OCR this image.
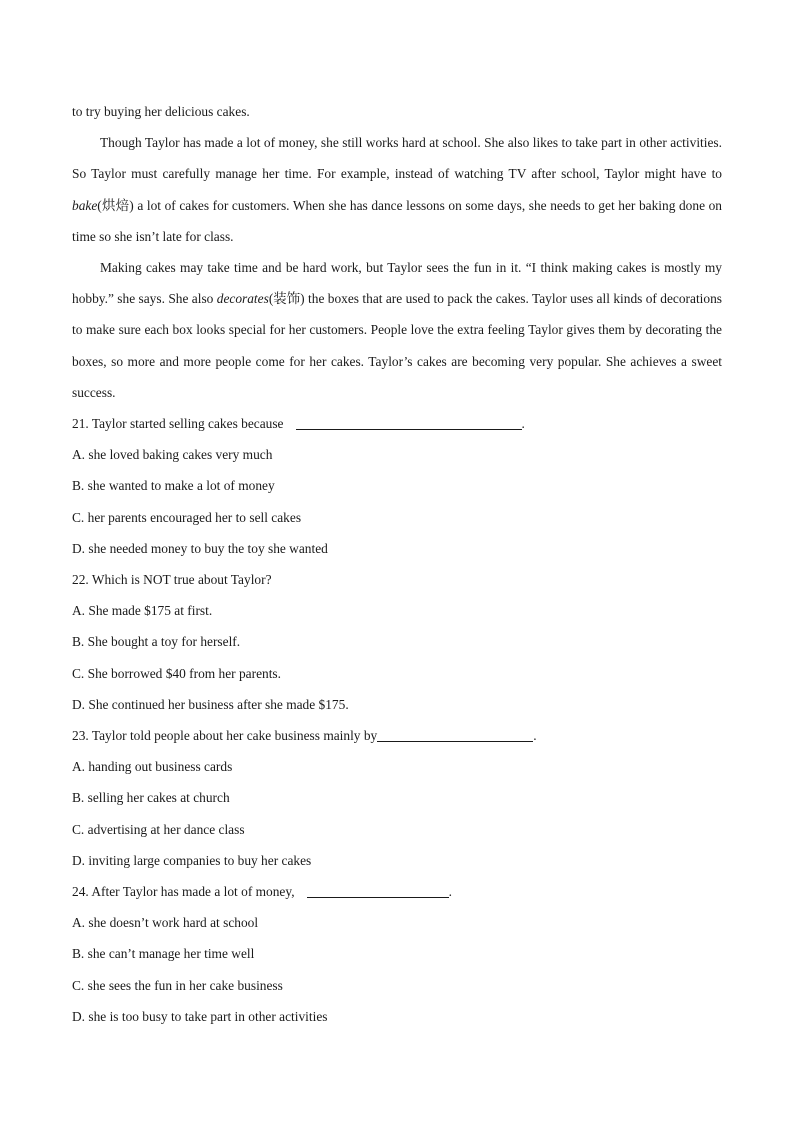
to try buying her delicious cakes.

Though Taylor has made a lot of money, she still works hard at school. She also likes to take part in other activities. So Taylor must carefully manage her time. For example, instead of watching TV after school, Taylor might have to bake(烘焙) a lot of cakes for customers. When she has dance lessons on some days, she needs to get her baking done on time so she isn’t late for class.

Making cakes may take time and be hard work, but Taylor sees the fun in it. “I think making cakes is mostly my hobby.” she says. She also decorates(装饰) the boxes that are used to pack the cakes. Taylor uses all kinds of decorations to make sure each box looks special for her customers. People love the extra feeling Taylor gives them by decorating the boxes, so more and more people come for her cakes. Taylor’s cakes are becoming very popular. She achieves a sweet success.

21. Taylor started selling cakes because	.

A. she loved baking cakes very much

B. she wanted to make a lot of money

C. her parents encouraged her to sell cakes

D. she needed money to buy the toy she wanted

22. Which is NOT true about Taylor?

A. She made $175 at first.

B. She bought a toy for herself.

C. She borrowed $40 from her parents.

D. She continued her business after she made $175.

23. Taylor told people about her cake business mainly by	.

A. handing out business cards

B. selling her cakes at church

C. advertising at her dance class

D. inviting large companies to buy her cakes

24. After Taylor has made a lot of money,	.

A. she doesn’t work hard at school

B. she can’t manage her time well

C. she sees the fun in her cake business

D. she is too busy to take part in other activities
